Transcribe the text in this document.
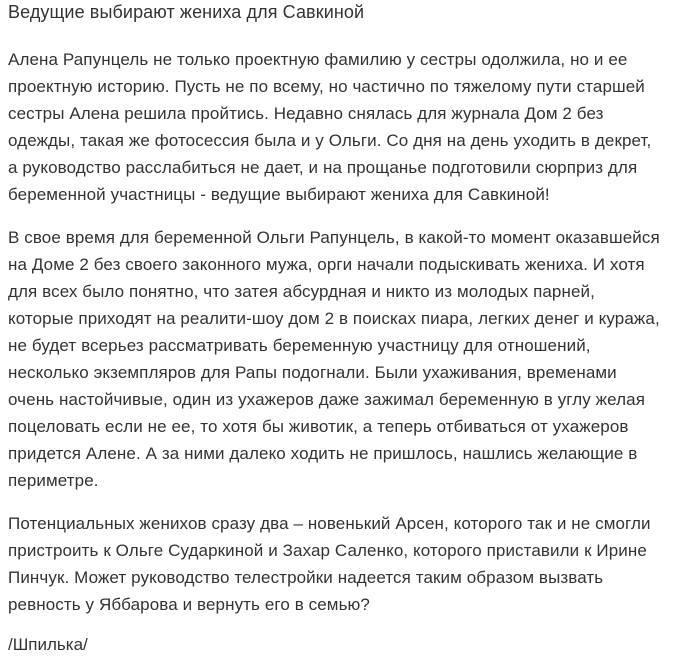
Ведущие выбирают жениха для Савкиной

Алена Рапунцель не только проектную фамилию у сестры одолжила, но и ее проектную историю. Пусть не по всему, но частично по тяжелому пути старшей сестры Алена решила пройтись. Недавно снялась для журнала Дом 2 без одежды, такая же фотосессия была и у Ольги. Со дня на день уходить в декрет, а руководство расслабиться не дает, и на прощанье подготовили сюрприз для беременной участницы - ведущие выбирают жениха для Савкиной!

В свое время для беременной Ольги Рапунцель, в какой-то момент оказавшейся на Доме 2 без своего законного мужа, орги начали подыскивать жениха. И хотя для всех было понятно, что затея абсурдная и никто из молодых парней, которые приходят на реалити-шоу дом 2 в поисках пиара, легких денег и куража, не будет всерьез рассматривать беременную участницу для отношений, несколько экземпляров для Рапы подогнали. Были ухаживания, временами очень настойчивые, один из ухажеров даже зажимал беременную в углу желая поцеловать если не ее, то хотя бы животик, а теперь отбиваться от ухажеров придется Алене. А за ними далеко ходить не пришлось, нашлись желающие в периметре.

Потенциальных женихов сразу два – новенький Арсен, которого так и не смогли пристроить к Ольге Сударкиной и Захар Саленко, которого приставили к Ирине Пинчук. Может руководство телестройки надеется таким образом вызвать ревность у Яббарова и вернуть его в семью?

/Шпилька/
